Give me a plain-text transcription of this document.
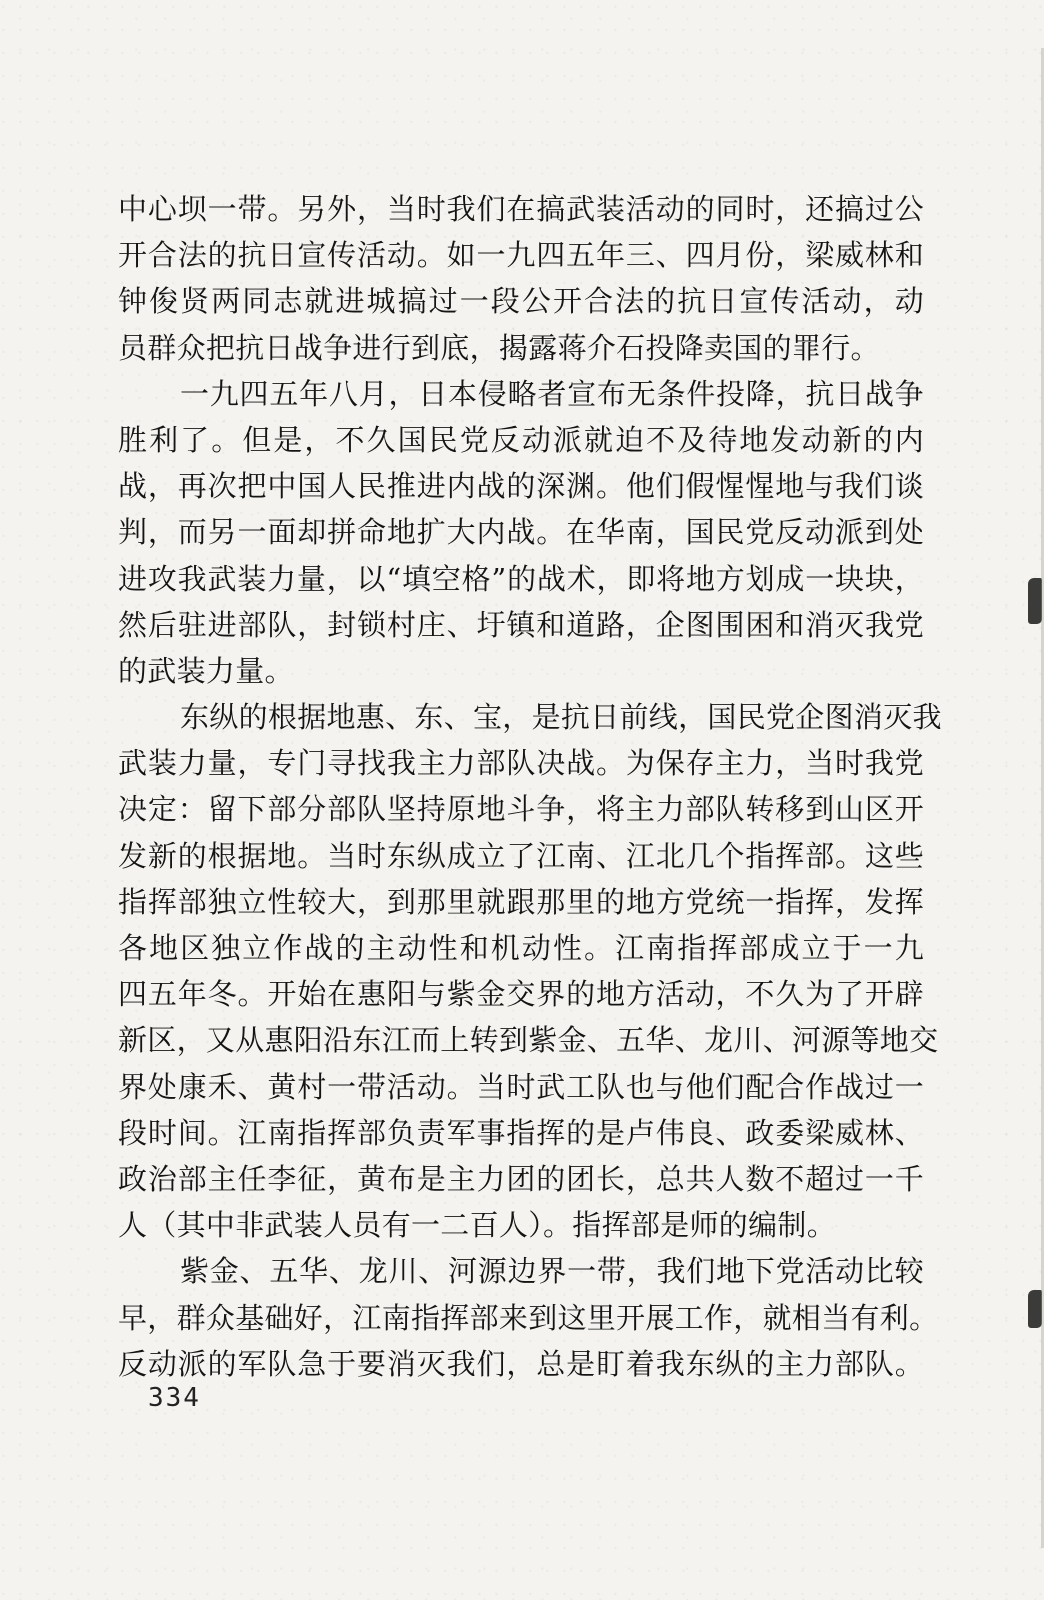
中心坝一带。另外，当时我们在搞武装活动的同时，还搞过公
开合法的抗日宣传活动。如一九四五年三、四月份，梁威林和
钟俊贤两同志就进城搞过一段公开合法的抗日宣传活动，动
员群众把抗日战争进行到底，揭露蒋介石投降卖国的罪行。
一九四五年八月，日本侵略者宣布无条件投降，抗日战争
胜利了。但是，不久国民党反动派就迫不及待地发动新的内
战，再次把中国人民推进内战的深渊。他们假惺惺地与我们谈
判，而另一面却拼命地扩大内战。在华南，国民党反动派到处
进攻我武装力量，以“填空格”的战术，即将地方划成一块块，
然后驻进部队，封锁村庄、圩镇和道路，企图围困和消灭我党
的武装力量。
东纵的根据地惠、东、宝，是抗日前线，国民党企图消灭我
武装力量，专门寻找我主力部队决战。为保存主力，当时我党
决定：留下部分部队坚持原地斗争，将主力部队转移到山区开
发新的根据地。当时东纵成立了江南、江北几个指挥部。这些
指挥部独立性较大，到那里就跟那里的地方党统一指挥，发挥
各地区独立作战的主动性和机动性。江南指挥部成立于一九
四五年冬。开始在惠阳与紫金交界的地方活动，不久为了开辟
新区，又从惠阳沿东江而上转到紫金、五华、龙川、河源等地交
界处康禾、黄村一带活动。当时武工队也与他们配合作战过一
段时间。江南指挥部负责军事指挥的是卢伟良、政委梁威林、
政治部主任李征，黄布是主力团的团长，总共人数不超过一千
人（其中非武装人员有一二百人）。指挥部是师的编制。
紫金、五华、龙川、河源边界一带，我们地下党活动比较
早，群众基础好，江南指挥部来到这里开展工作，就相当有利。
反动派的军队急于要消灭我们，总是盯着我东纵的主力部队。
334
